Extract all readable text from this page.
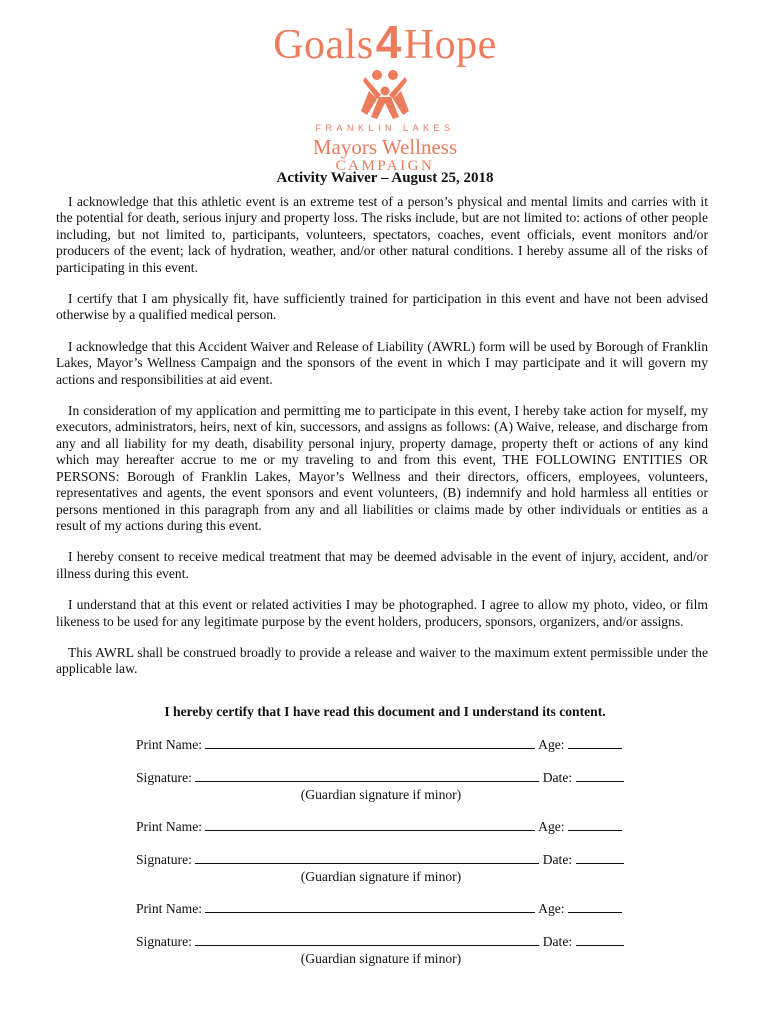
Goals4Hope
FRANKLIN LAKES
Mayors Wellness
CAMPAIGN
Activity Waiver – August 25, 2018

I acknowledge that this athletic event is an extreme test of a person’s physical and mental limits and carries with it the potential for death, serious injury and property loss. The risks include, but are not limited to: actions of other people including, but not limited to, participants, volunteers, spectators, coaches, event officials, event monitors and/or producers of the event; lack of hydration, weather, and/or other natural conditions. I hereby assume all of the risks of participating in this event.

I certify that I am physically fit, have sufficiently trained for participation in this event and have not been advised otherwise by a qualified medical person.

I acknowledge that this Accident Waiver and Release of Liability (AWRL) form will be used by Borough of Franklin Lakes, Mayor’s Wellness Campaign and the sponsors of the event in which I may participate and it will govern my actions and responsibilities at aid event.

In consideration of my application and permitting me to participate in this event, I hereby take action for myself, my executors, administrators, heirs, next of kin, successors, and assigns as follows: (A) Waive, release, and discharge from any and all liability for my death, disability personal injury, property damage, property theft or actions of any kind which may hereafter accrue to me or my traveling to and from this event, THE FOLLOWING ENTITIES OR PERSONS: Borough of Franklin Lakes, Mayor’s Wellness and their directors, officers, employees, volunteers, representatives and agents, the event sponsors and event volunteers, (B) indemnify and hold harmless all entities or persons mentioned in this paragraph from any and all liabilities or claims made by other individuals or entities as a result of my actions during this event.

I hereby consent to receive medical treatment that may be deemed advisable in the event of injury, accident, and/or illness during this event.

I understand that at this event or related activities I may be photographed. I agree to allow my photo, video, or film likeness to be used for any legitimate purpose by the event holders, producers, sponsors, organizers, and/or assigns.

This AWRL shall be construed broadly to provide a release and waiver to the maximum extent permissible under the applicable law.

I hereby certify that I have read this document and I understand its content.
Print Name:	Age:
Signature:	Date:
(Guardian signature if minor)
Print Name:	Age:
Signature:	Date:
(Guardian signature if minor)
Print Name:	Age:
Signature:	Date:
(Guardian signature if minor)
